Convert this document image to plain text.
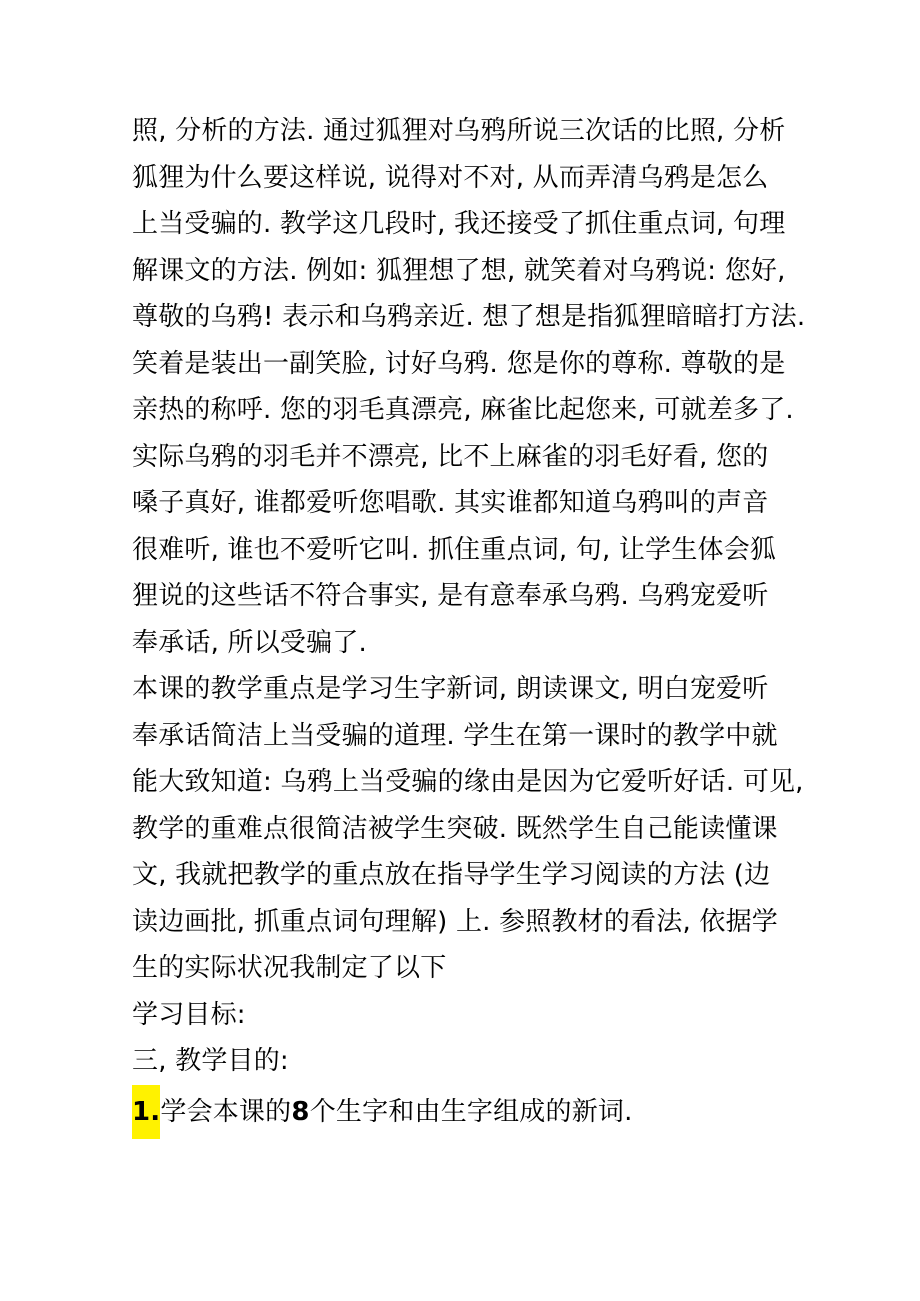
照, 分析的方法. 通过狐狸对乌鸦所说三次话的比照, 分析
狐狸为什么要这样说, 说得对不对, 从而弄清乌鸦是怎么
上当受骗的. 教学这几段时, 我还接受了抓住重点词, 句理
解课文的方法. 例如: 狐狸想了想, 就笑着对乌鸦说: 您好,
尊敬的乌鸦! 表示和乌鸦亲近. 想了想是指狐狸暗暗打方法.
笑着是装出一副笑脸, 讨好乌鸦. 您是你的尊称. 尊敬的是
亲热的称呼. 您的羽毛真漂亮, 麻雀比起您来, 可就差多了.
实际乌鸦的羽毛并不漂亮, 比不上麻雀的羽毛好看, 您的
嗓子真好, 谁都爱听您唱歌. 其实谁都知道乌鸦叫的声音
很难听, 谁也不爱听它叫. 抓住重点词, 句, 让学生体会狐
狸说的这些话不符合事实, 是有意奉承乌鸦. 乌鸦宠爱听
奉承话, 所以受骗了.
本课的教学重点是学习生字新词, 朗读课文, 明白宠爱听
奉承话简洁上当受骗的道理. 学生在第一课时的教学中就
能大致知道: 乌鸦上当受骗的缘由是因为它爱听好话. 可见,
教学的重难点很简洁被学生突破. 既然学生自己能读懂课
文, 我就把教学的重点放在指导学生学习阅读的方法 (边
读边画批, 抓重点词句理解) 上. 参照教材的看法, 依据学
生的实际状况我制定了以下
学习目标:
三, 教学目的:
1.学会本课的8个生字和由生字组成的新词.
